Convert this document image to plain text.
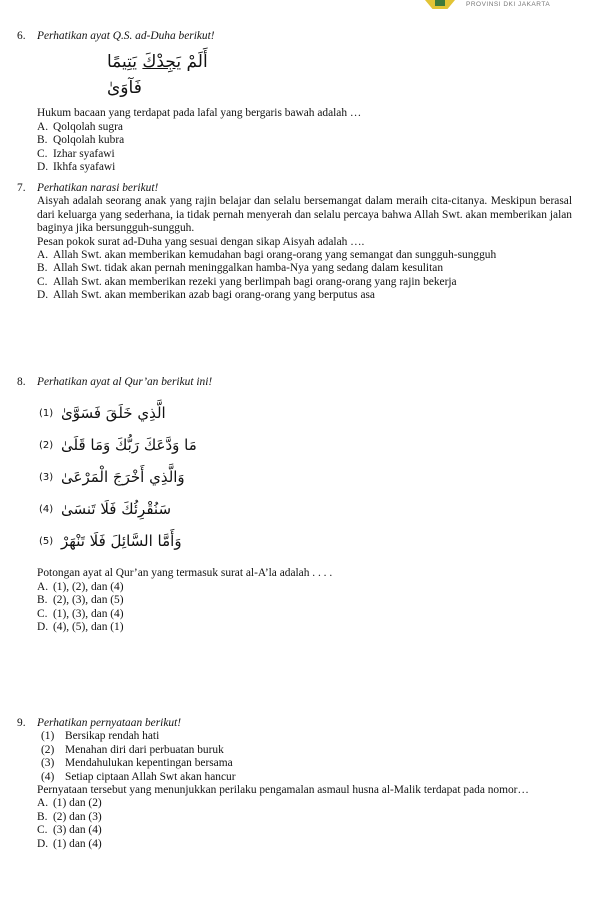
PROVINSI DKI JAKARTA
6.	Perhatikan ayat Q.S. ad-Duha berikut!
أَلَمْ يَجِدْكَ يَتِيمًا فَآوَىٰ
Hukum bacaan yang terdapat pada lafal yang bergaris bawah adalah …
A. Qolqolah sugra
B. Qolqolah kubra
C. Izhar syafawi
D. Ikhfa syafawi
7.	Perhatikan narasi berikut!
Aisyah adalah seorang anak yang rajin belajar dan selalu bersemangat dalam meraih cita-citanya. Meskipun berasal dari keluarga yang sederhana, ia tidak pernah menyerah dan selalu percaya bahwa Allah Swt. akan memberikan jalan baginya jika bersungguh-sungguh.
Pesan pokok surat ad-Duha yang sesuai dengan sikap Aisyah adalah ….
A. Allah Swt. akan memberikan kemudahan bagi orang-orang yang semangat dan sungguh-sungguh
B. Allah Swt. tidak akan pernah meninggalkan hamba-Nya yang sedang dalam kesulitan
C. Allah Swt. akan memberikan rezeki yang berlimpah bagi orang-orang yang rajin bekerja
D. Allah Swt. akan memberikan azab bagi orang-orang yang berputus asa
8.	Perhatikan ayat al Qur’an berikut ini!
(1) الَّذِي خَلَقَ فَسَوَّىٰ
(2) مَا وَدَّعَكَ رَبُّكَ وَمَا قَلَىٰ
(3) وَالَّذِي أَخْرَجَ الْمَرْعَىٰ
(4) سَنُقْرِئُكَ فَلَا تَنسَىٰ
(5) وَأَمَّا السَّائِلَ فَلَا تَنْهَرْ
Potongan ayat al Qur’an yang termasuk surat al-A’la adalah . . . .
A. (1), (2), dan (4)
B. (2), (3), dan (5)
C. (1), (3), dan (4)
D. (4), (5), dan (1)
9.	Perhatikan pernyataan berikut!
(1) Bersikap rendah hati
(2) Menahan diri dari perbuatan buruk
(3) Mendahulukan kepentingan bersama
(4) Setiap ciptaan Allah Swt akan hancur
Pernyataan tersebut yang menunjukkan perilaku pengamalan asmaul husna al-Malik terdapat pada nomor…
A. (1) dan (2)
B. (2) dan (3)
C. (3) dan (4)
D. (1) dan (4)
